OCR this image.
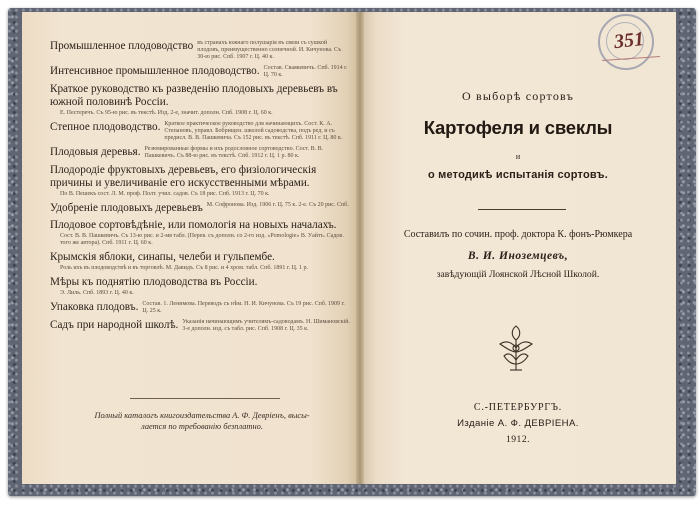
Промышленное плодоводство въ странахъ южнаго полушарія въ связи съ сушкой плодовъ, преимущественно солнечной. И. Кичунова. Съ 30-ю рис. Спб. 1907 г. Ц. 40 к.
Интенсивное промышленное плодоводство. Состав. Сваякевичъ. Спб. 1914 г. Ц. 70 к.
Краткое руководство къ разведенію плодовыхъ деревьевъ въ южной половинѣ Россіи.
Е. Пестеречъ. Съ 95-ю рис. въ текстѣ. Изд. 2-е, значит. дополн. Спб. 1908 г. Ц. 60 к.
Степное плодоводство. Краткое практическое руководство для начинающихъ. Сост. К. А. Степановъ, управл. Бобрищен. школой садоводства, подъ ред. и съ предисл. В. В. Пашкевича. Съ 152 рис. въ текстѣ. Спб. 1911 г. Ц. 80 к.
Плодовыя деревья. Резюмированные формы и ихъ родословное сортоводство. Сост. В. В. Пашкевичъ. Съ 88-ю рис. въ текстѣ. Спб. 1912 г. Ц. 1 р. 80 к.
Плодородіе фруктовыхъ деревьевъ, его физіологическія причины и увеличиваніе его искусственными мѣрами.
По В. Пешекъ сост. Л. М. проф. Полт. учил. садов. Съ 18 рис. Спб. 1913 г. Ц. 70 к.
Удобреніе плодовыхъ деревьевъ М. Софронова. Изд. 1906 г. Ц. 75 к. 2-е. Съ 20 рис. Спб.
Плодовое сортовѣдѣніе, или помологія на новыхъ началахъ.
Сост. В. В. Пашкевичъ. Съ 13-ю рис. и 2-мя табл. (Перев. съ дополн. со 2-го изд. «Pomologie» В. Уайтъ. Садов. того же автора). Спб. 1911 г. Ц. 60 к.
Крымскія яблоки, синапы, челеби и гульпембе.
Роль ихъ въ плодоводствѣ и въ торговлѣ. М. Давидъ. Съ 8 рис. и 4 хром. табл. Спб. 1891 г. Ц. 1 р.
Мѣры къ поднятію плодоводства въ Россіи.
Э. Лиль. Спб. 1893 г. Ц. 40 к.
Упаковка плодовъ. Состав. 1. Ленимова. Переводъ съ нѣм. Н. И. Кичунова. Съ 19 рис. Спб. 1909 г. Ц. 25 к.
Садъ при народной школѣ. Указанія начинающимъ учителямъ-садоводамъ. Н. Шимановскій. 3-е дополн. изд. съ табл. рис. Спб. 1908 г. Ц. 35 к.
Полный каталогъ книгоиздательства А. Ф. Девріенъ, высы-
лается по требованію безплатно.
351
О выборѣ сортовъ
Картофеля и свеклы
и
о методикѣ испытанія сортовъ.
Составилъ по сочин. проф. доктора К. фонъ-Рюмкера
В. И. Иноземцевъ,
завѣдующій Лоянской Лѣсной Школой.
С.-ПЕТЕРБУРГЪ.
Изданіе А. Ф. ДЕВРІЕНА.
1912.
